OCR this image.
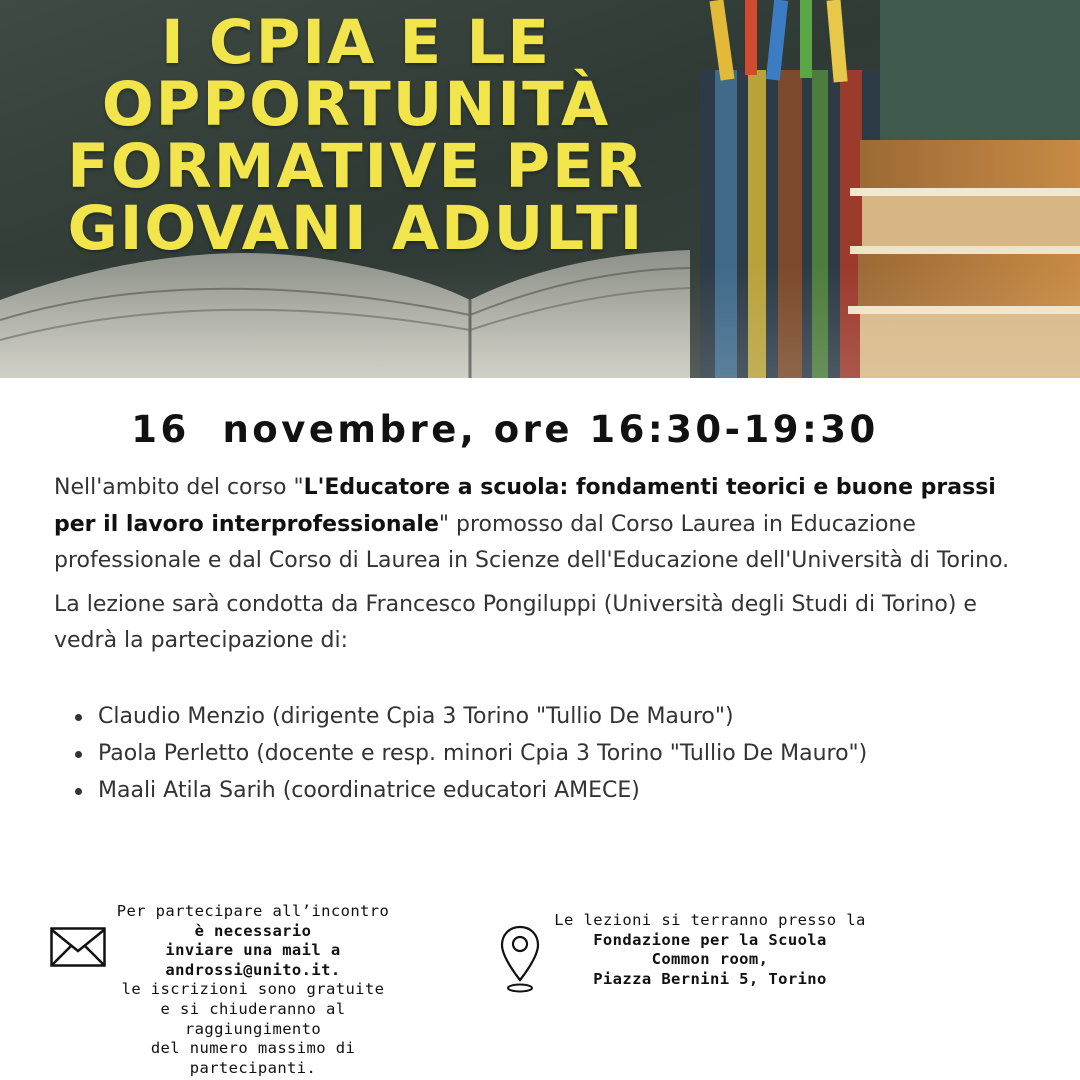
I CPIA E LE
OPPORTUNITÀ
FORMATIVE PER
GIOVANI ADULTI
16  novembre, ore 16:30-19:30

Nell'ambito del corso "L'Educatore a scuola: fondamenti teorici e buone prassi per il lavoro interprofessionale" promosso dal Corso Laurea in Educazione professionale e dal Corso di Laurea in Scienze dell'Educazione dell'Università di Torino.

La lezione sarà condotta da Francesco Pongiluppi (Università degli Studi di Torino) e vedrà la partecipazione di:

Claudio Menzio (dirigente Cpia 3 Torino "Tullio De Mauro")
Paola Perletto (docente e resp. minori Cpia 3 Torino "Tullio De Mauro")
Maali Atila Sarih (coordinatrice educatori AMECE)
Per partecipare all’incontro
è necessario
inviare una mail a
androssi@unito.it.
le iscrizioni sono gratuite
e si chiuderanno al
raggiungimento
del numero massimo di
partecipanti.
Le lezioni si terranno presso la
Fondazione per la Scuola
Common room,
Piazza Bernini 5, Torino
